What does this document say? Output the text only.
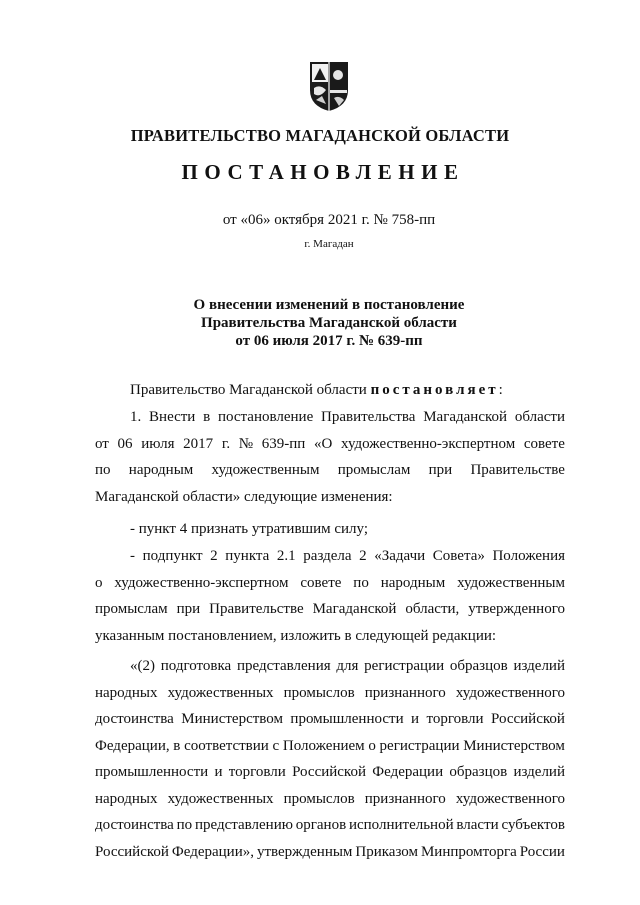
ПРАВИТЕЛЬСТВО МАГАДАНСКОЙ ОБЛАСТИ
ПОСТАНОВЛЕНИЕ
от «06» октября 2021 г. № 758-пп
г. Магадан
О внесении изменений в постановление
Правительства Магаданской области
от 06 июля 2017 г. № 639-пп
Правительство Магаданской области постановляет:
1. Внести в постановление Правительства Магаданской области
от 06 июля 2017 г. № 639-пп «О художественно-экспертном совете
по народным художественным промыслам при Правительстве
Магаданской области» следующие изменения:
- пункт 4 признать утратившим силу;
- подпункт 2 пункта 2.1 раздела 2 «Задачи Совета» Положения
о художественно-экспертном совете по народным художественным
промыслам при Правительстве Магаданской области, утвержденного
указанным постановлением, изложить в следующей редакции:
«(2) подготовка представления для регистрации образцов изделий
народных художественных промыслов признанного художественного
достоинства Министерством промышленности и торговли Российской
Федерации, в соответствии с Положением о регистрации Министерством
промышленности и торговли Российской Федерации образцов изделий
народных художественных промыслов признанного художественного
достоинства по представлению органов исполнительной власти субъектов
Российской Федерации», утвержденным Приказом Минпромторга России
